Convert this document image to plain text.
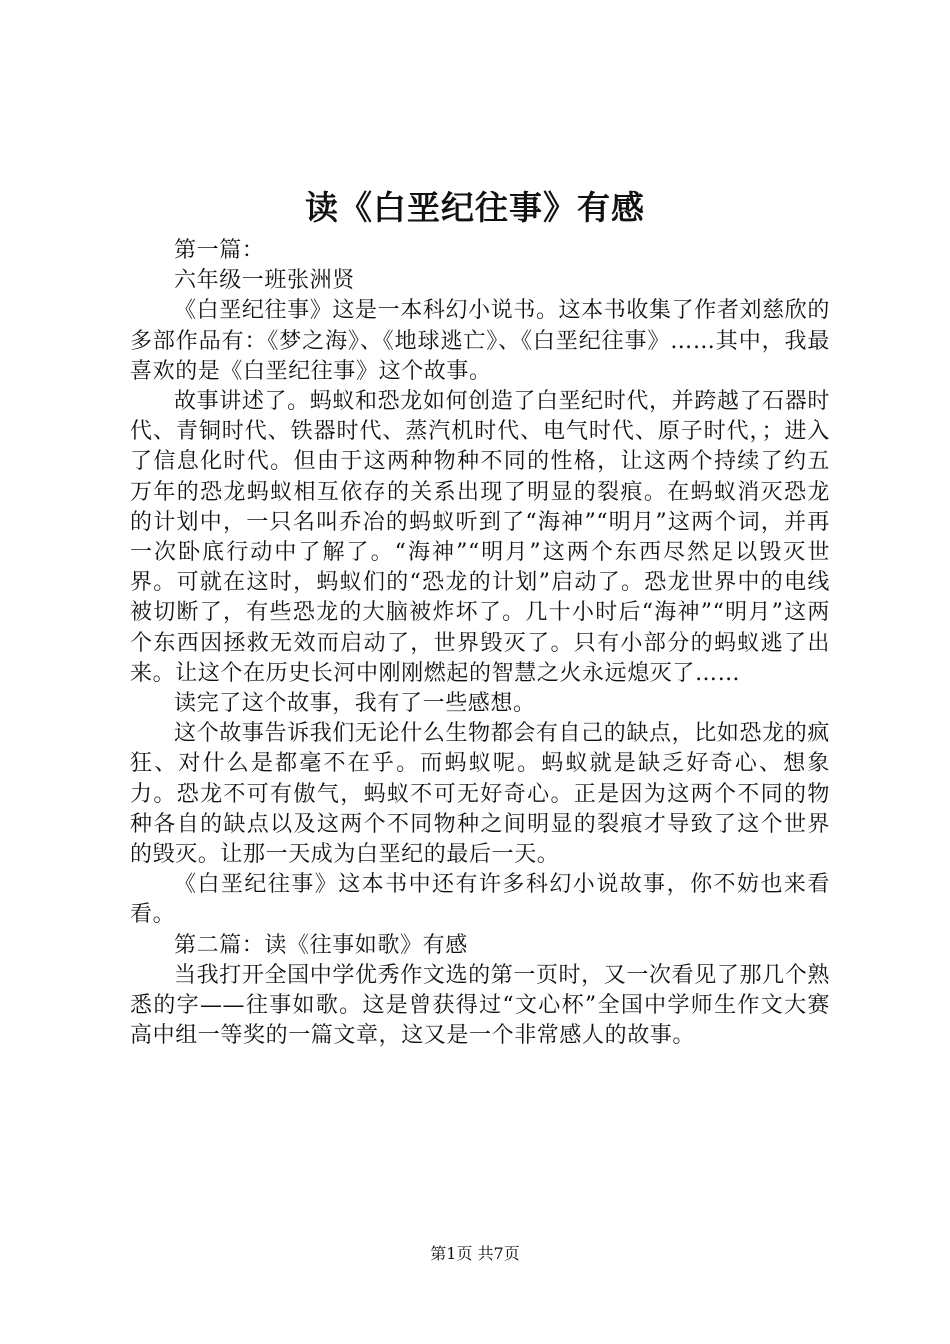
读《白垩纪往事》有感

第一篇：

六年级一班张洲贤

《白垩纪往事》这是一本科幻小说书。这本书收集了作者刘慈欣的多部作品有：《梦之海》、《地球逃亡》、《白垩纪往事》……其中，我最喜欢的是《白垩纪往事》这个故事。

故事讲述了。蚂蚁和恐龙如何创造了白垩纪时代，并跨越了石器时代、青铜时代、铁器时代、蒸汽机时代、电气时代、原子时代，；进入了信息化时代。但由于这两种物种不同的性格，让这两个持续了约五万年的恐龙蚂蚁相互依存的关系出现了明显的裂痕。在蚂蚁消灭恐龙的计划中，一只名叫乔冶的蚂蚁听到了“海神”“明月”这两个词，并再一次卧底行动中了解了。“海神”“明月”这两个东西尽然足以毁灭世界。可就在这时，蚂蚁们的“恐龙的计划”启动了。恐龙世界中的电线被切断了，有些恐龙的大脑被炸坏了。几十小时后“海神”“明月”这两个东西因拯救无效而启动了，世界毁灭了。只有小部分的蚂蚁逃了出来。让这个在历史长河中刚刚燃起的智慧之火永远熄灭了……

读完了这个故事，我有了一些感想。

这个故事告诉我们无论什么生物都会有自己的缺点，比如恐龙的疯狂、对什么是都毫不在乎。而蚂蚁呢。蚂蚁就是缺乏好奇心、想象力。恐龙不可有傲气，蚂蚁不可无好奇心。正是因为这两个不同的物种各自的缺点以及这两个不同物种之间明显的裂痕才导致了这个世界的毁灭。让那一天成为白垩纪的最后一天。

《白垩纪往事》这本书中还有许多科幻小说故事，你不妨也来看看。

第二篇：读《往事如歌》有感

当我打开全国中学优秀作文选的第一页时，又一次看见了那几个熟悉的字——往事如歌。这是曾获得过“文心杯”全国中学师生作文大赛高中组一等奖的一篇文章，这又是一个非常感人的故事。

第1页 共7页
